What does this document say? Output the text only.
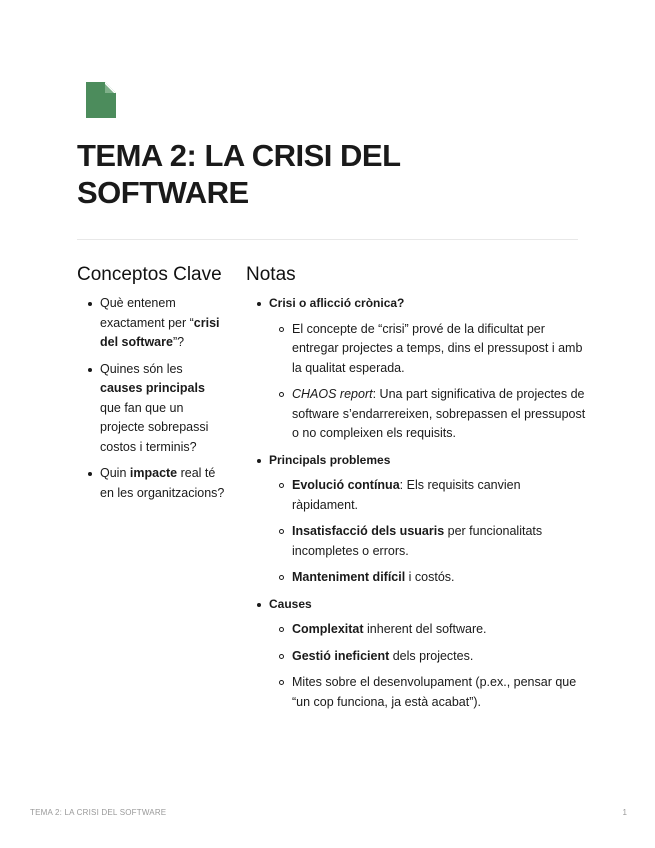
TEMA 2: LA CRISI DEL SOFTWARE
Conceptos Clave
Què entenem exactament per “crisi del software”?
Quines són les causes principals que fan que un projecte sobrepassi costos i terminis?
Quin impacte real té en les organitzacions?
Notas
Crisi o aflicció crònica?
El concepte de “crisi” prové de la dificultat per entregar projectes a temps, dins el pressupost i amb la qualitat esperada.
CHAOS report: Una part significativa de projectes de software s’endarrereixen, sobrepassen el pressupost o no compleixen els requisits.
Principals problemes
Evolució contínua: Els requisits canvien ràpidament.
Insatisfacció dels usuaris per funcionalitats incompletes o errors.
Manteniment difícil i costós.
Causes
Complexitat inherent del software.
Gestió ineficient dels projectes.
Mites sobre el desenvolupament (p.ex., pensar que “un cop funciona, ja està acabat”).
TEMA 2: LA CRISI DEL SOFTWARE	1
